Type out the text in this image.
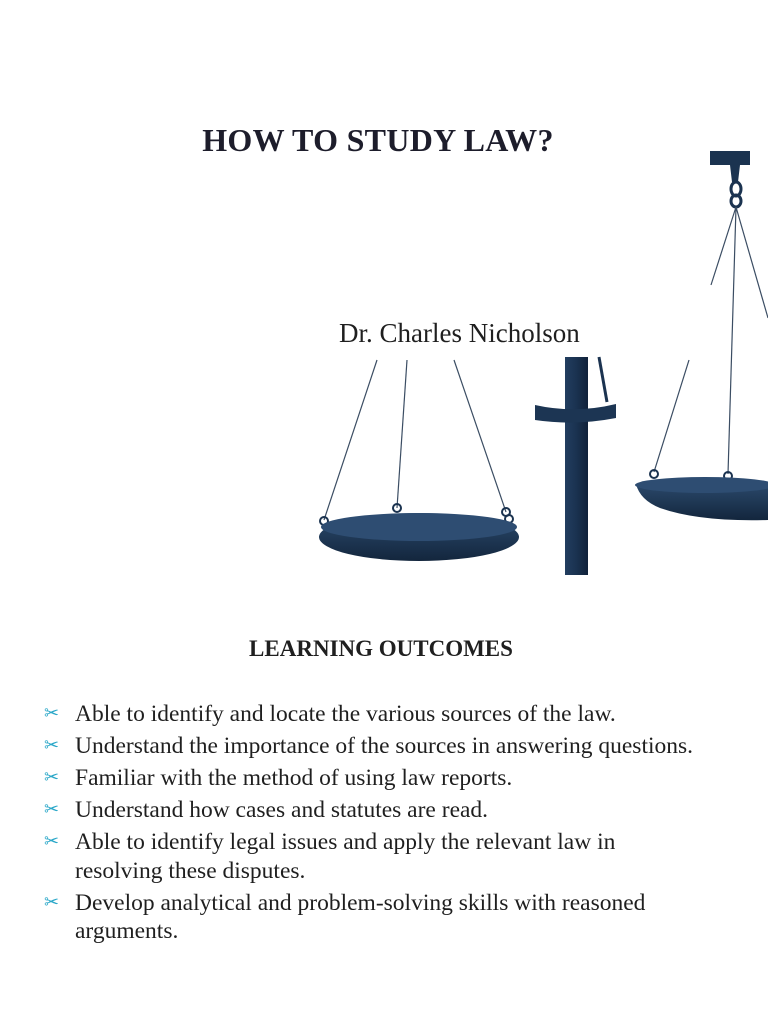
HOW TO STUDY LAW?
Dr. Charles Nicholson
LEARNING OUTCOMES
✂ Able to identify and locate the various sources of the law.
✂ Understand the importance of the sources in answering questions.
✂ Familiar with the method of using law reports.
✂ Understand how cases and statutes are read.
✂ Able to identify legal issues and apply the relevant law in resolving these disputes.
✂ Develop analytical and problem-solving skills with reasoned arguments.
